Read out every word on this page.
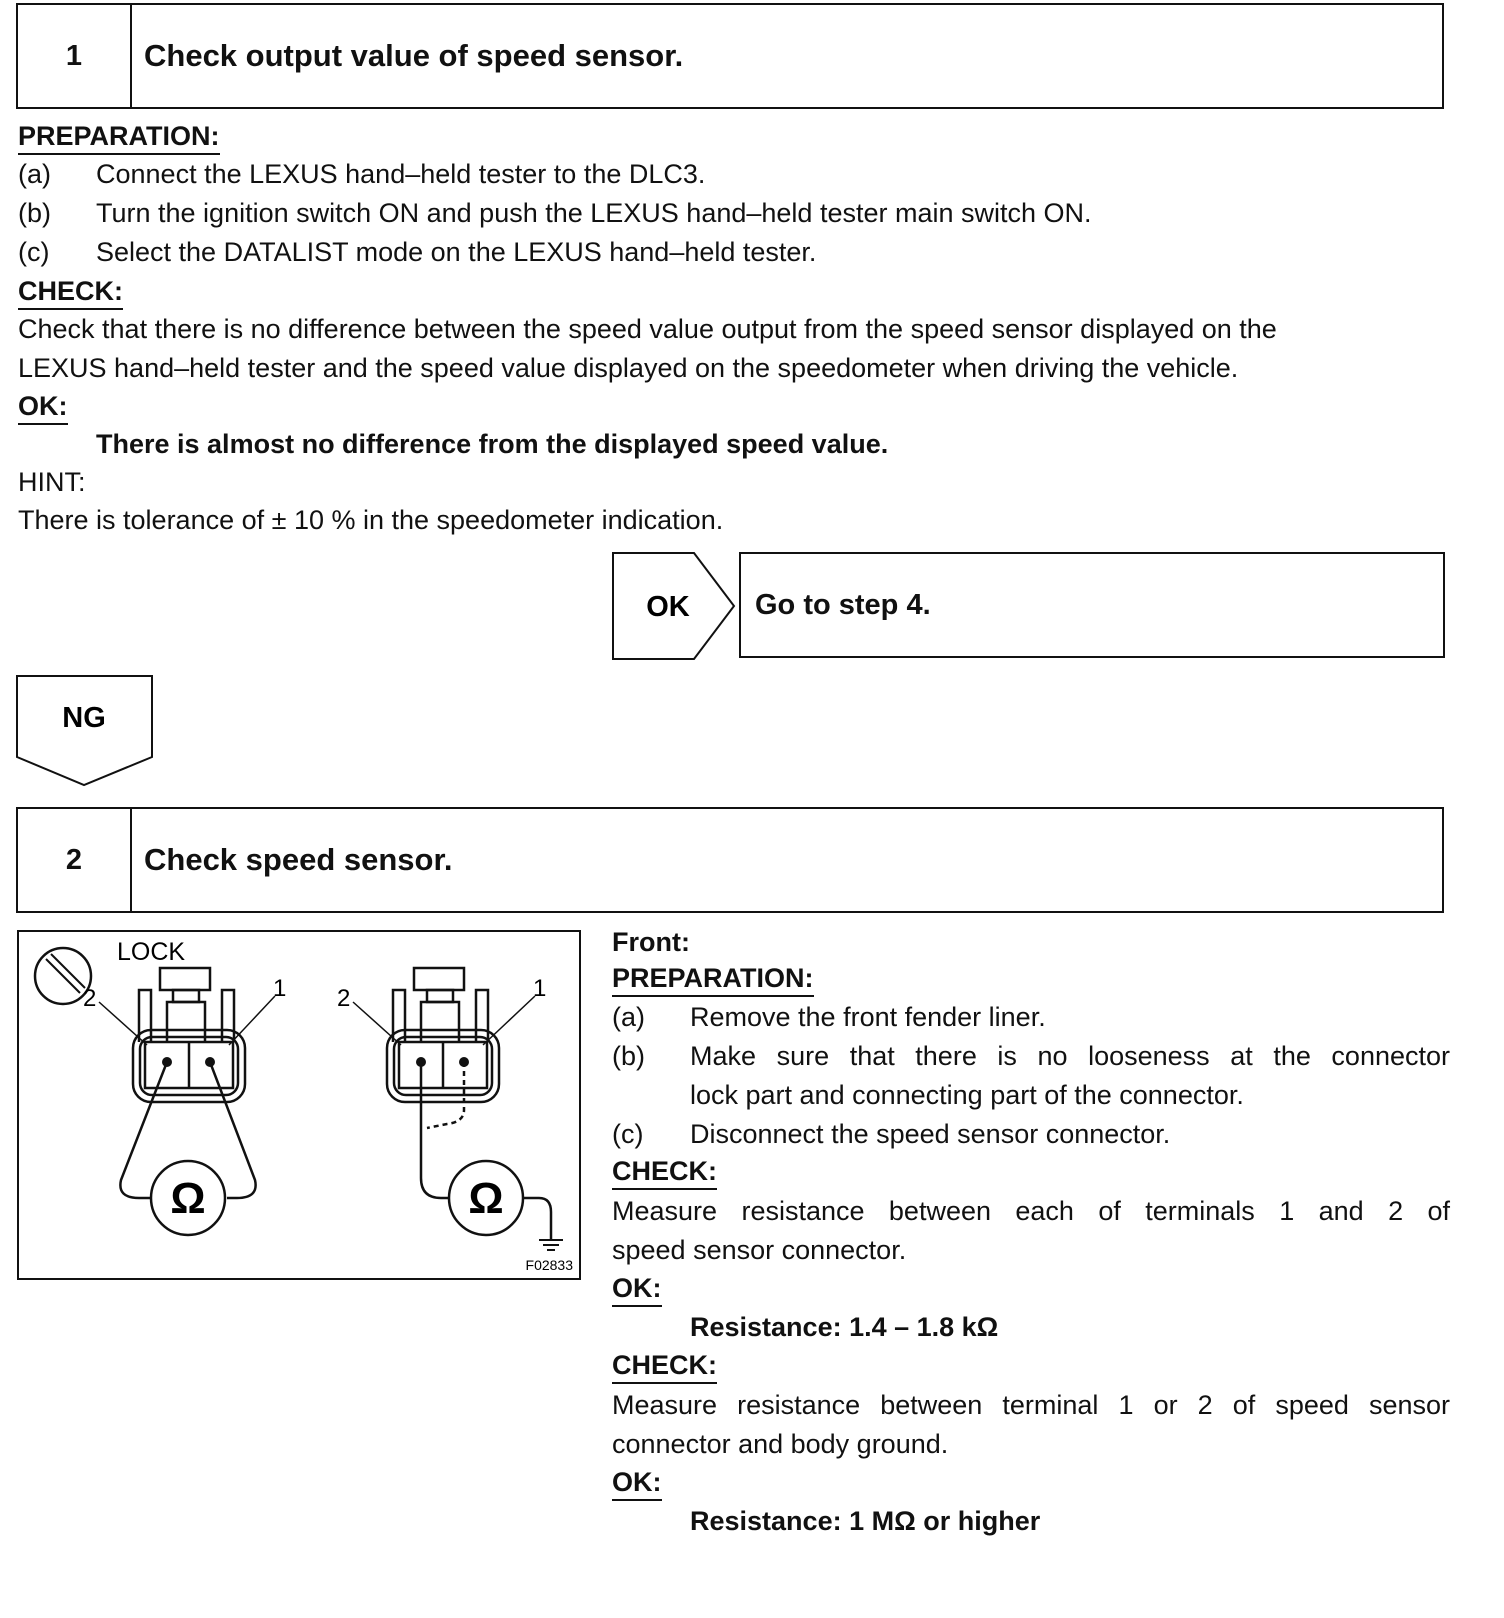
1	Check output value of speed sensor.
PREPARATION:
(a) Connect the LEXUS hand–held tester to the DLC3.
(b) Turn the ignition switch ON and push the LEXUS hand–held tester main switch ON.
(c) Select the DATALIST mode on the LEXUS hand–held tester.
CHECK:
Check that there is no difference between the speed value output from the speed sensor displayed on the
LEXUS hand–held tester and the speed value displayed on the speedometer when driving the vehicle.
OK:
There is almost no difference from the displayed speed value.
HINT:
There is tolerance of ± 10 % in the speedometer indication.
OK Go to step 4.
NG
2	Check speed sensor.
LOCK
2	1
Ω
2	1
Ω
F02833
Front:
PREPARATION:
(a) Remove the front fender liner.
(b)	Make sure that there is no looseness at the connector
lock part and connecting part of the connector.
(c) Disconnect the speed sensor connector.
CHECK:
Measure resistance between each of terminals 1 and 2 of
speed sensor connector.
OK:
Resistance: 1.4 – 1.8 kΩ
CHECK:
Measure resistance between terminal 1 or 2 of speed sensor
connector and body ground.
OK:
Resistance: 1 MΩ or higher
